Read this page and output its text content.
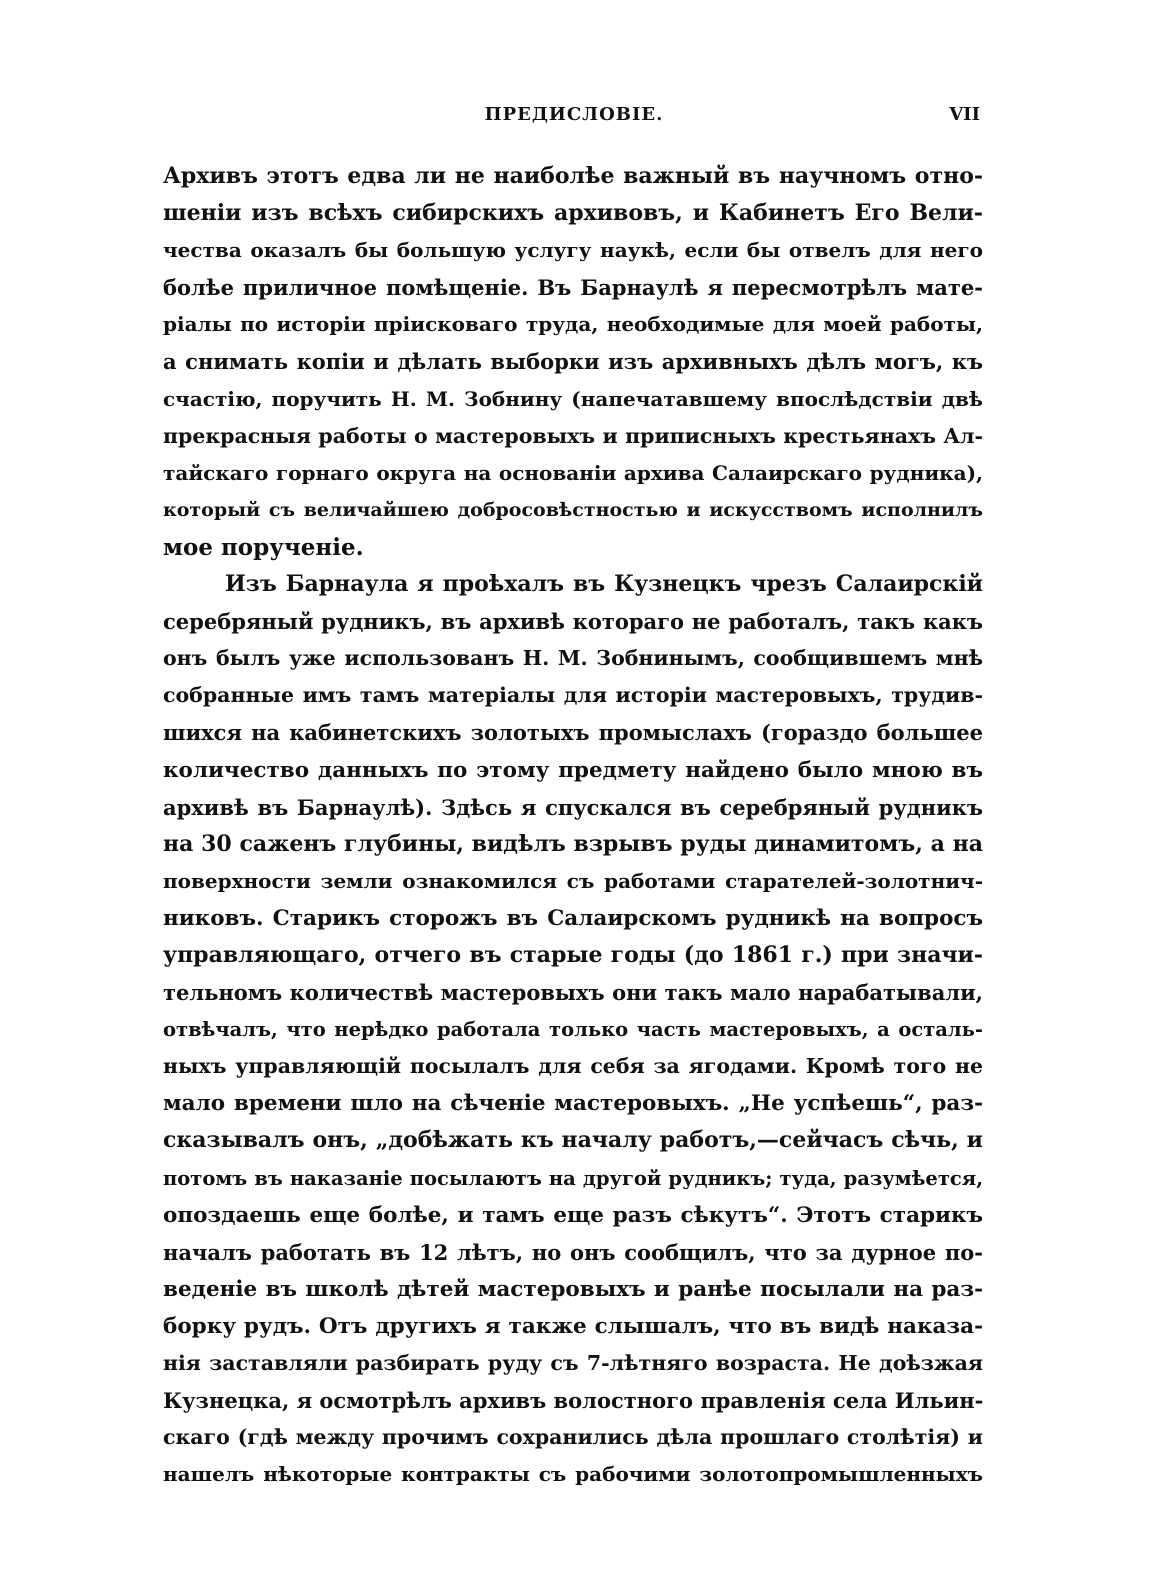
ПРЕДИСЛОВІЕ.	VII
Архивъ этотъ едва ли не наиболѣе важный въ научномъ отно-
шеніи изъ всѣхъ сибирскихъ архивовъ, и Кабинетъ Его Вели-
чества оказалъ бы большую услугу наукѣ, если бы отвелъ для него
болѣе приличное помѣщеніе. Въ Барнаулѣ я пересмотрѣлъ мате-
ріалы по исторіи пріисковаго труда, необходимые для моей работы,
а снимать копіи и дѣлать выборки изъ архивныхъ дѣлъ могъ, къ
счастію, поручить Н. М. Зобнину (напечатавшему впослѣдствіи двѣ
прекрасныя работы о мастеровыхъ и приписныхъ крестьянахъ Ал-
тайскаго горнаго округа на основаніи архива Салаирскаго рудника),
который съ величайшею добросовѣстностью и искусствомъ исполнилъ
мое порученіе.
Изъ Барнаула я проѣхалъ въ Кузнецкъ чрезъ Салаирскій
серебряный рудникъ, въ архивѣ котораго не работалъ, такъ какъ
онъ былъ уже использованъ Н. М. Зобнинымъ, сообщившемъ мнѣ
собранные имъ тамъ матеріалы для исторіи мастеровыхъ, трудив-
шихся на кабинетскихъ золотыхъ промыслахъ (гораздо большее
количество данныхъ по этому предмету найдено было мною въ
архивѣ въ Барнаулѣ). Здѣсь я спускался въ серебряный рудникъ
на 30 саженъ глубины, видѣлъ взрывъ руды динамитомъ, а на
поверхности земли ознакомился съ работами старателей-золотнич-
никовъ. Старикъ сторожъ въ Салаирскомъ рудникѣ на вопросъ
управляющаго, отчего въ старые годы (до 1861 г.) при значи-
тельномъ количествѣ мастеровыхъ они такъ мало нарабатывали,
отвѣчалъ, что нерѣдко работала только часть мастеровыхъ, а осталь-
ныхъ управляющій посылалъ для себя за ягодами. Кромѣ того не
мало времени шло на сѣченіе мастеровыхъ. „Не успѣешь“, раз-
сказывалъ онъ, „добѣжать къ началу работъ,—сейчасъ сѣчь, и
потомъ въ наказаніе посылаютъ на другой рудникъ; туда, разумѣется,
опоздаешь еще болѣе, и тамъ еще разъ сѣкутъ“. Этотъ старикъ
началъ работать въ 12 лѣтъ, но онъ сообщилъ, что за дурное по-
веденіе въ школѣ дѣтей мастеровыхъ и ранѣе посылали на раз-
борку рудъ. Отъ другихъ я также слышалъ, что въ видѣ наказа-
нія заставляли разбирать руду съ 7-лѣтняго возраста. Не доѣзжая
Кузнецка, я осмотрѣлъ архивъ волостного правленія села Ильин-
скаго (гдѣ между прочимъ сохранились дѣла прошлаго столѣтія) и
нашелъ нѣкоторые контракты съ рабочими золотопромышленныхъ
